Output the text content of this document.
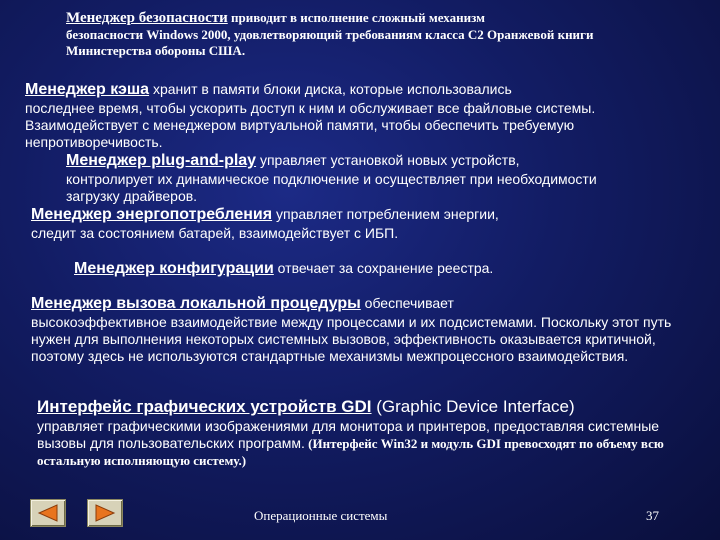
Менеджер безопасности приводит в исполнение сложный механизм
безопасности Windows 2000, удовлетворяющий требованиям класса С2 Оранжевой книги Министерства обороны США.
Менеджер кэша хранит в памяти блоки диска, которые использовались
последнее время, чтобы ускорить доступ к ним и обслуживает все файловые системы. Взаимодействует с менеджером виртуальной памяти, чтобы обеспечить требуемую непротиворечивость.
Менеджер plug-and-play управляет установкой новых устройств,
контролирует их динамическое подключение и осуществляет при необходимости загрузку драйверов.
Менеджер энергопотребления управляет потреблением энергии,
следит за состоянием батарей, взаимодействует с ИБП.
Менеджер конфигурации отвечает за сохранение реестра.
Менеджер вызова локальной процедуры обеспечивает
высокоэффективное взаимодействие между процессами и их подсистемами. Поскольку этот путь нужен для выполнения некоторых системных вызовов, эффективность оказывается критичной, поэтому здесь не используются стандартные механизмы межпроцессного взаимодействия.
Интерфейс графических устройств GDI (Graphic Device Interface)
управляет графическими изображениями для монитора и принтеров, предоставляя системные вызовы для пользовательских программ. (Интерфейс Win32 и модуль GDI превосходят по объему всю остальную исполняющую систему.)
Операционные системы	37
